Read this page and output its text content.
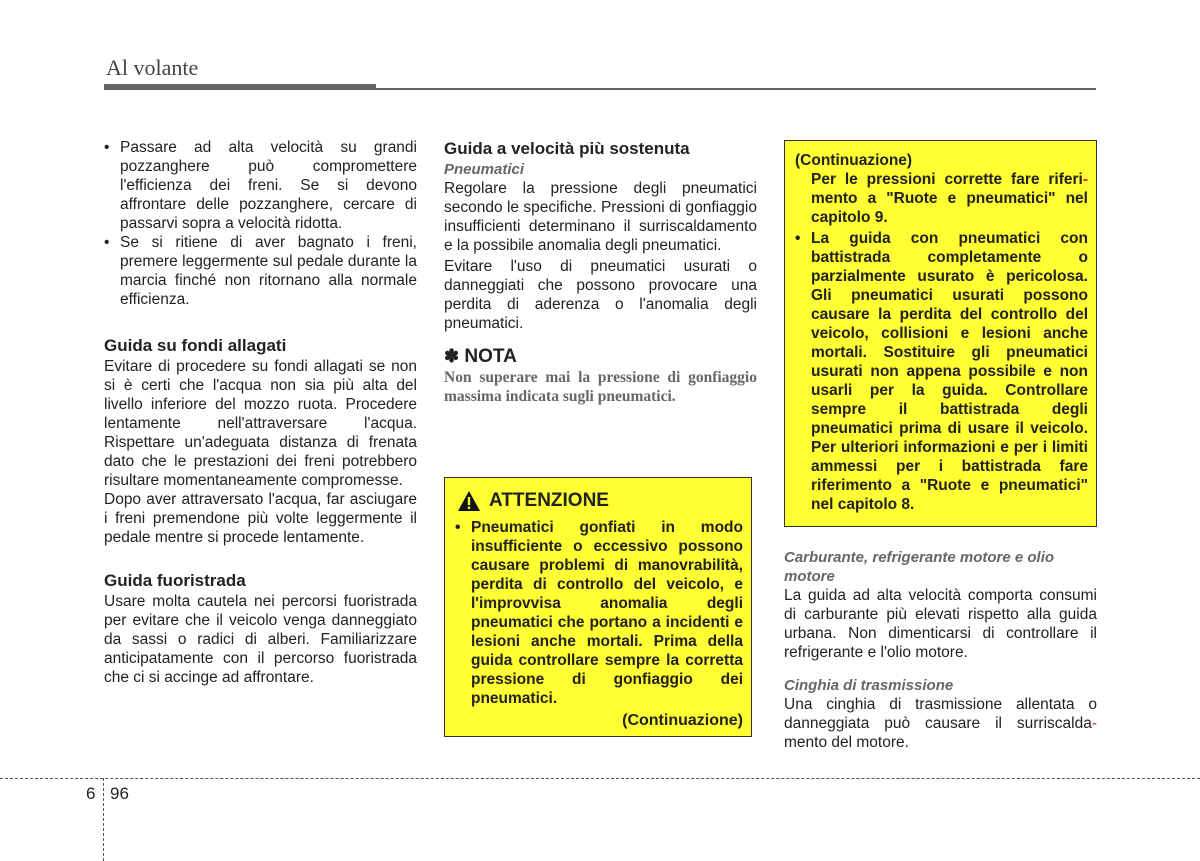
Al volante
• Passare ad alta velocità su grandi pozzanghere può compromettere l'efficienza dei freni. Se si devono affrontare delle pozzanghere, cercare di passarvi sopra a velocità ridotta.
• Se si ritiene di aver bagnato i freni, premere leggermente sul pedale durante la marcia finché non ritornano alla normale efficienza.
Guida su fondi allagati

Evitare di procedere su fondi allagati se non si è certi che l'acqua non sia più alta del livello inferiore del mozzo ruota. Procedere lentamente nell'attraversare l'acqua. Rispettare un'adeguata distanza di frenata dato che le prestazioni dei freni potrebbero risultare momentaneamente compromesse.

Dopo aver attraversato l'acqua, far asciugare i freni premendone più volte leggermente il pedale mentre si procede lentamente.

Guida fuoristrada

Usare molta cautela nei percorsi fuoristrada per evitare che il veicolo venga danneggiato da sassi o radici di alberi. Familiarizzare anticipatamente con il percorso fuoristrada che ci si accinge ad affrontare.

Guida a velocità più sostenuta
Pneumatici

Regolare la pressione degli pneumatici secondo le specifiche. Pressioni di gonfiaggio insufficienti determinano il surriscaldamento e la possibile anomalia degli pneumatici.

Evitare l'uso di pneumatici usurati o danneggiati che possono provocare una perdita di aderenza o l'anomalia degli pneumatici.

✽ NOTA
Non superare mai la pressione di gonfiaggio massima indicata sugli pneumatici.
ATTENZIONE
• Pneumatici gonfiati in modo insufficiente o eccessivo possono causare problemi di manovrabilità, perdita di controllo del veicolo, e l'improvvisa anomalia degli pneumatici che portano a incidenti e lesioni anche mortali. Prima della guida controllare sempre la corretta pressione di gonfiaggio dei pneumatici.
(Continuazione)
(Continuazione)
Per le pressioni corrette fare riferi- mento a "Ruote e pneumatici" nel capitolo 9.
• La guida con pneumatici con battistrada completamente o parzialmente usurato è pericolosa. Gli pneumatici usurati possono causare la perdita del controllo del veicolo, collisioni e lesioni anche mortali. Sostituire gli pneumatici usurati non appena possibile e non usarli per la guida. Controllare sempre il battistrada degli pneumatici prima di usare il veicolo. Per ulteriori informazioni e per i limiti ammessi per i battistrada fare riferimento a "Ruote e pneumatici" nel capitolo 8.
Carburante, refrigerante motore e olio motore

La guida ad alta velocità comporta consumi di carburante più elevati rispetto alla guida urbana. Non dimenticarsi di controllare il refrigerante e l'olio motore.

Cinghia di trasmissione

Una cinghia di trasmissione allentata o danneggiata può causare il surriscalda- mento del motore.

6 96
